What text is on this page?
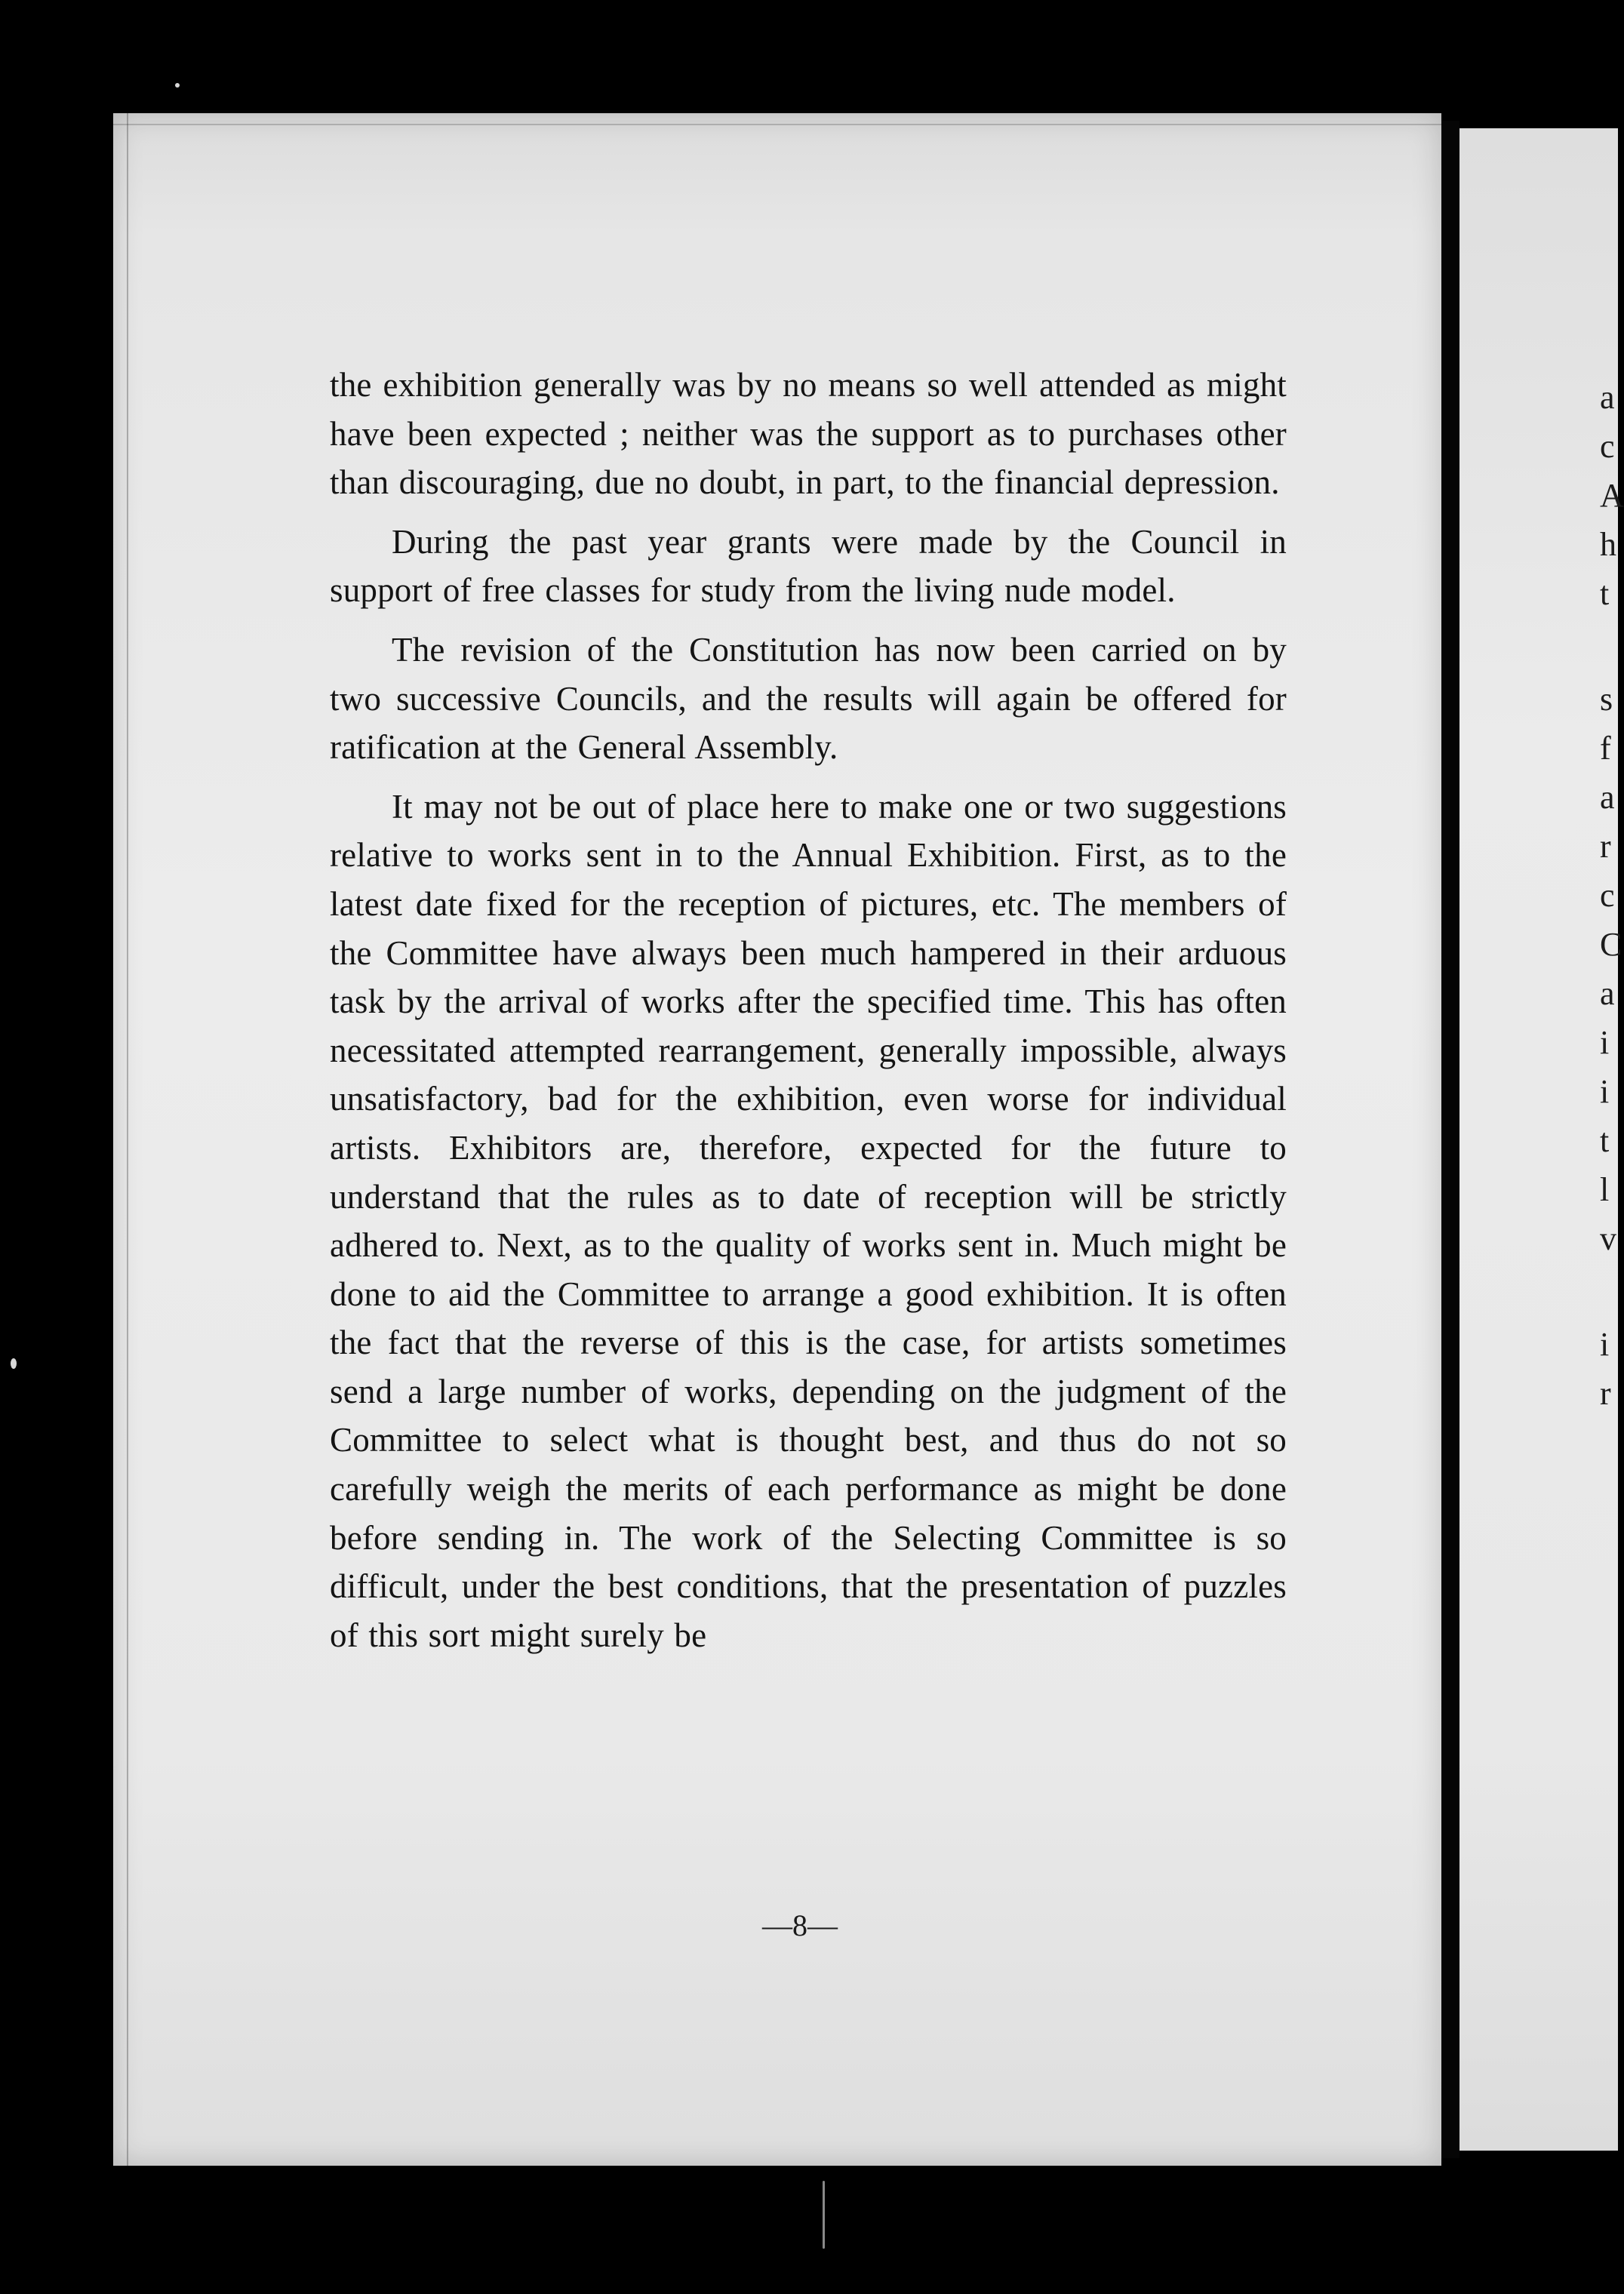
the exhibition generally was by no means so well attended as might have been expected ; neither was the support as to purchases other than discouraging, due no doubt, in part, to the financial depression.

During the past year grants were made by the Council in support of free classes for study from the living nude model.

The revision of the Constitution has now been carried on by two successive Councils, and the results will again be offered for ratification at the General Assembly.

It may not be out of place here to make one or two suggestions relative to works sent in to the Annual Exhibition. First, as to the latest date fixed for the reception of pictures, etc. The members of the Committee have always been much hampered in their arduous task by the arrival of works after the specified time. This has often necessitated attempted rearrangement, generally impossible, always unsatisfactory, bad for the exhibition, even worse for individual artists. Exhibitors are, therefore, expected for the future to understand that the rules as to date of reception will be strictly adhered to. Next, as to the quality of works sent in. Much might be done to aid the Committee to arrange a good exhibition. It is often the fact that the reverse of this is the case, for artists sometimes send a large number of works, depending on the judgment of the Committee to select what is thought best, and thus do not so carefully weigh the merits of each performance as might be done before sending in. The work of the Selecting Committee is so difficult, under the best conditions, that the presentation of puzzles of this sort might surely be

—8—
a
c
A
h
t
s
f
a
r
c
C
a
i
i
t
l
v
i
r
